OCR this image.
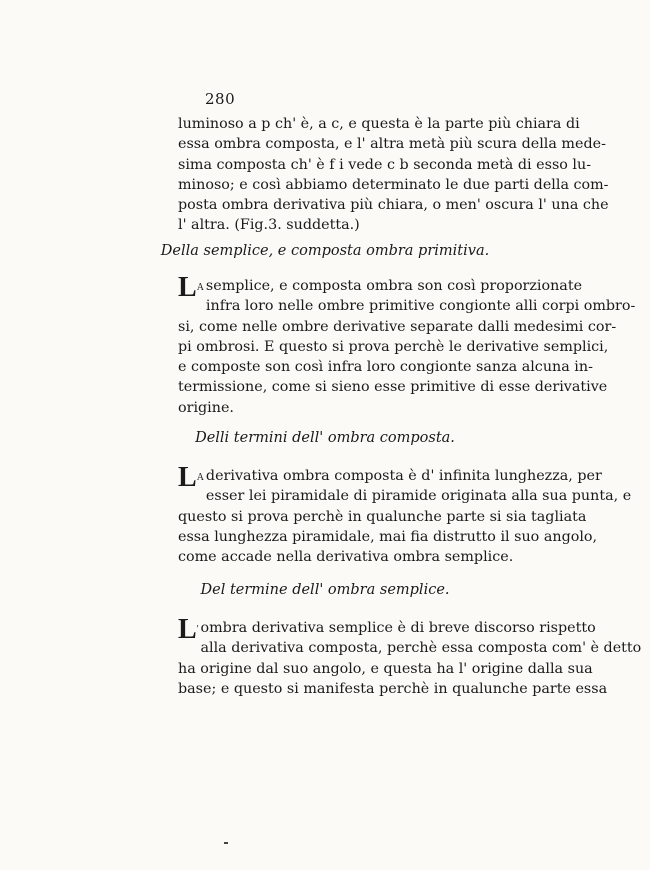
280
luminoso a p ch' è, a c, e questa è la parte più chiara di
essa ombra composta, e l' altra metà più scura della mede-
sima composta ch' è f i vede c b seconda metà di esso lu-
minoso; e così abbiamo determinato le due parti della com-
posta ombra derivativa più chiara, o men' oscura l' una che
l' altra. (Fig.3. suddetta.)
Della semplice, e composta ombra primitiva.
$L^A$ semplice, e composta ombra son così proporzionate
infra loro nelle ombre primitive congionte alli corpi ombro-
si, come nelle ombre derivative separate dalli medesimi cor-
pi ombrosi. E questo si prova perchè le derivative semplici,
e composte son così infra loro congionte sanza alcuna in-
termissione, come si sieno esse primitive di esse derivative
origine.
Delli termini dell' ombra composta.
$L^A$ derivativa ombra composta è d' infinita lunghezza, per
esser lei piramidale di piramide originata alla sua punta, e
questo si prova perchè in qualunche parte si sia tagliata
essa lunghezza piramidale, mai fia distrutto il suo angolo,
come accade nella derivativa ombra semplice.
Del termine dell' ombra semplice.
L' ombra derivativa semplice è di breve discorso rispetto
alla derivativa composta, perchè essa composta com' è detto
ha origine dal suo angolo, e questa ha l' origine dalla sua
base; e questo si manifesta perchè in qualunche parte essa
